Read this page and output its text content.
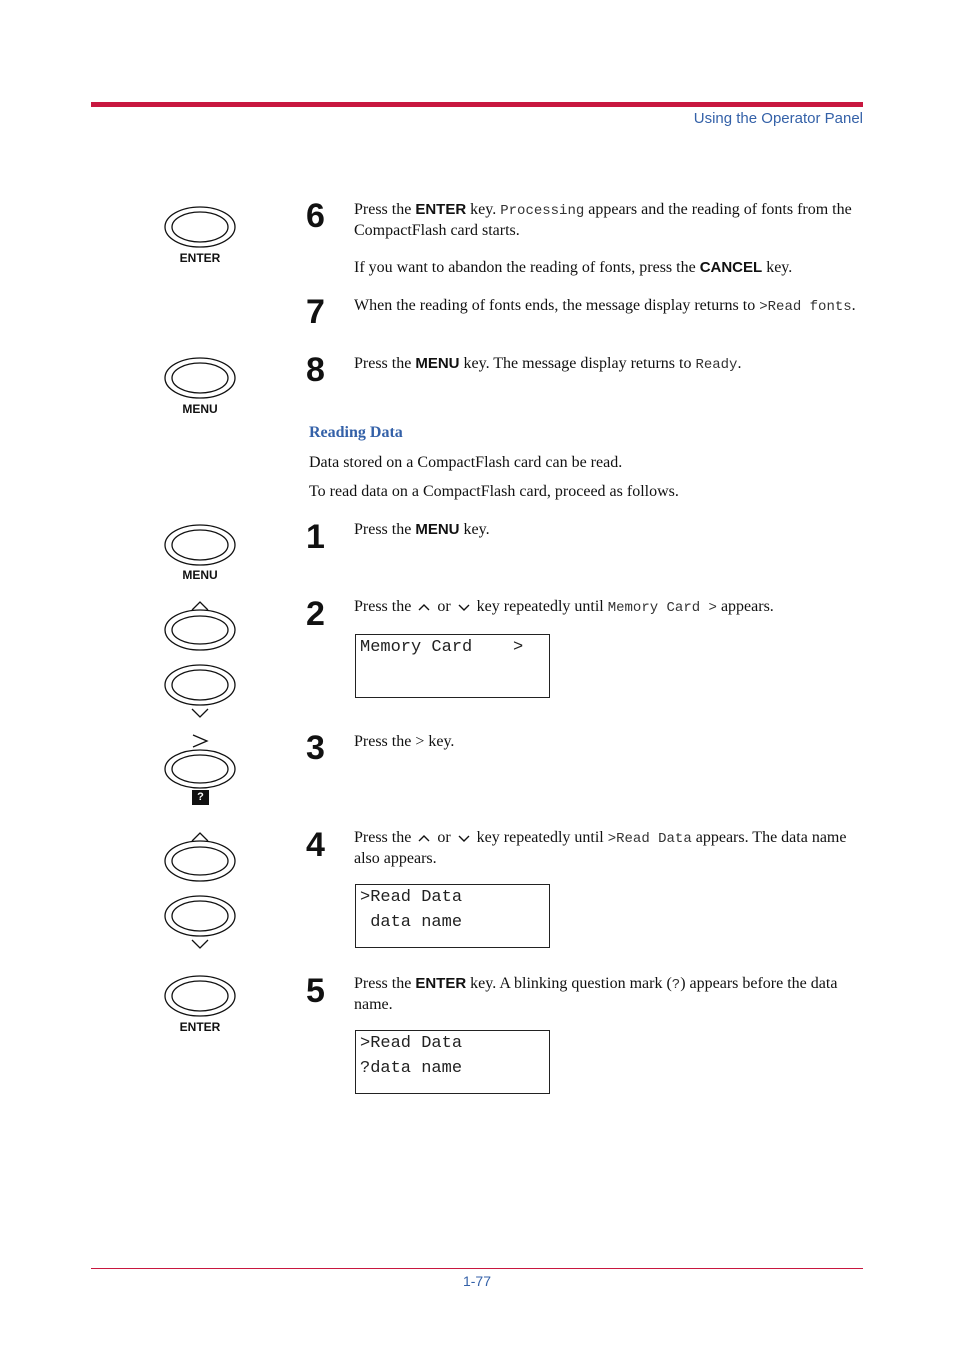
Using the Operator Panel
1-77
ENTER
MENU
MENU
?
ENTER
6 Press the ENTER key. Processing appears and the reading of fonts from the CompactFlash card starts.
If you want to abandon the reading of fonts, press the CANCEL key.
7 When the reading of fonts ends, the message display returns to >Read fonts.
8 Press the MENU key. The message display returns to Ready.
Reading Data
Data stored on a CompactFlash card can be read.
To read data on a CompactFlash card, proceed as follows.
1 Press the MENU key.
2 Press the  or  key repeatedly until Memory Card > appears.
Memory Card    >
3 Press the > key.
4 Press the  or  key repeatedly until >Read Data appears. The data name also appears.
>Read Data
data name
5 Press the ENTER key. A blinking question mark (?) appears before the data name.
>Read Data
?data name
